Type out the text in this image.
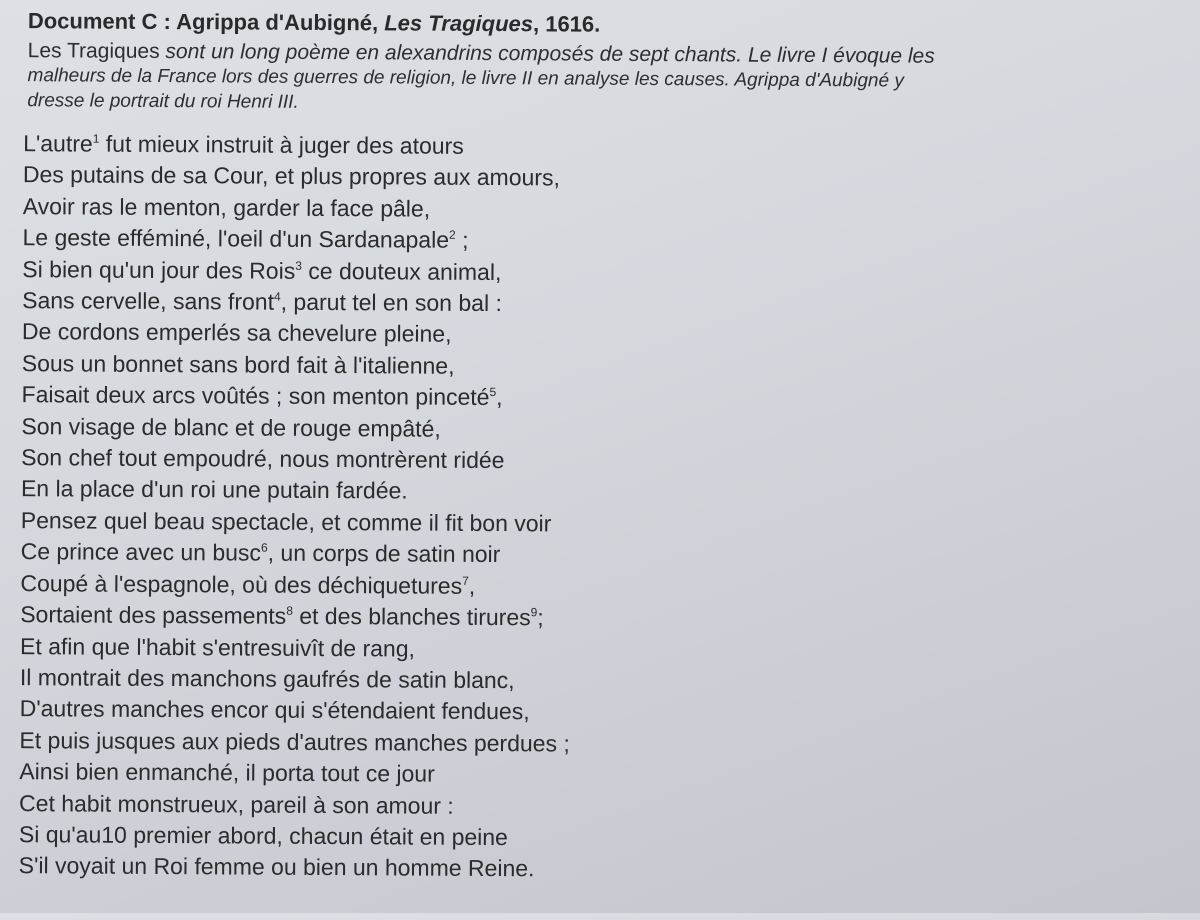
Document C : Agrippa d'Aubigné, Les Tragiques, 1616.
Les Tragiques sont un long poème en alexandrins composés de sept chants. Le livre I évoque les
malheurs de la France lors des guerres de religion, le livre II en analyse les causes. Agrippa d'Aubigné y
dresse le portrait du roi Henri III.
L'autre$^1$ fut mieux instruit à juger des atours
Des putains de sa Cour, et plus propres aux amours,
Avoir ras le menton, garder la face pâle,
Le geste efféminé, l'oeil d'un Sardanapale$^2$ ;
Si bien qu'un jour des Rois$^3$ ce douteux animal,
Sans cervelle, sans front$^4$, parut tel en son bal :
De cordons emperlés sa chevelure pleine,
Sous un bonnet sans bord fait à l'italienne,
Faisait deux arcs voûtés ; son menton pinceté$^5$,
Son visage de blanc et de rouge empâté,
Son chef tout empoudré, nous montrèrent ridée
En la place d'un roi une putain fardée.
Pensez quel beau spectacle, et comme il fit bon voir
Ce prince avec un busc$^6$, un corps de satin noir
Coupé à l'espagnole, où des déchiquetures$^7$,
Sortaient des passements$^8$ et des blanches tirures$^9$;
Et afin que l'habit s'entresuivît de rang,
Il montrait des manchons gaufrés de satin blanc,
D'autres manches encor qui s'étendaient fendues,
Et puis jusques aux pieds d'autres manches perdues ;
Ainsi bien enmanché, il porta tout ce jour
Cet habit monstrueux, pareil à son amour :
Si qu'au10 premier abord, chacun était en peine
S'il voyait un Roi femme ou bien un homme Reine.
